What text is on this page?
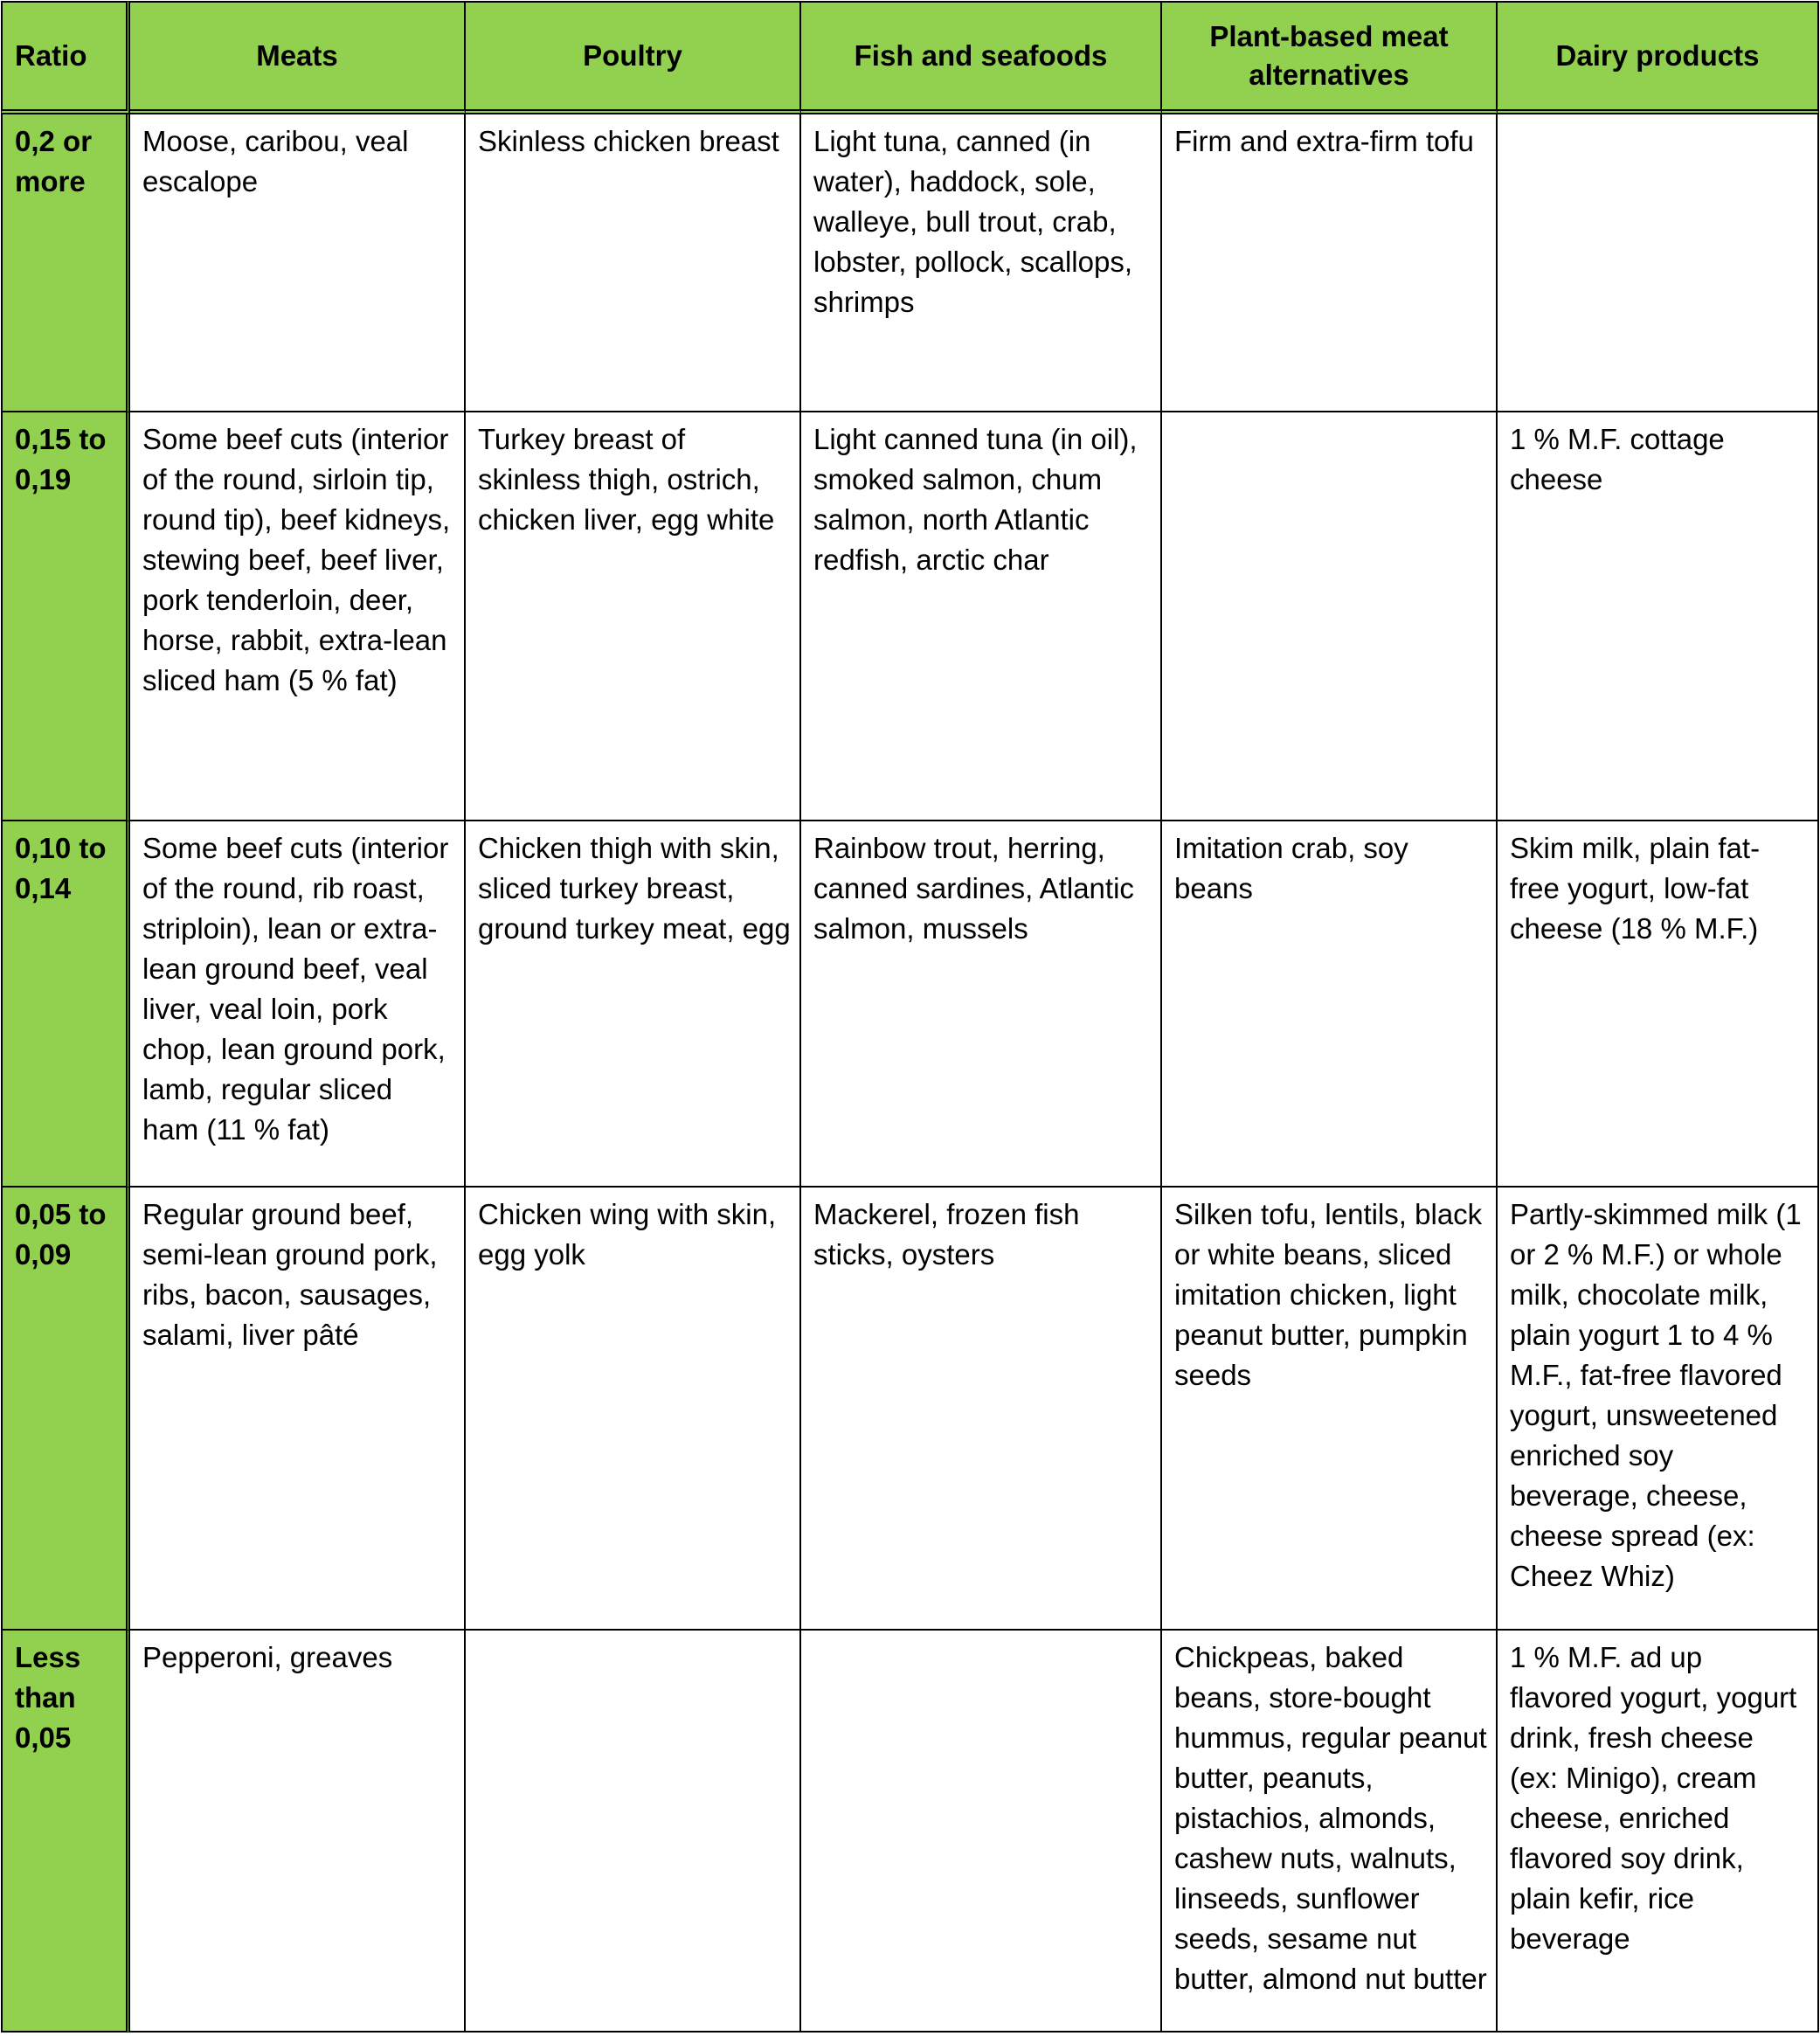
Ratio	Meats	Poultry	Fish and seafoods	Plant-based meat alternatives	Dairy products

0,2 or more	Moose, caribou, veal escalope	Skinless chicken breast	Light tuna, canned (in water), haddock, sole, walleye, bull trout, crab, lobster, pollock, scallops, shrimps	Firm and extra-firm tofu	

0,15 to 0,19	Some beef cuts (interior of the round, sirloin tip, round tip), beef kidneys, stewing beef, beef liver, pork tenderloin, deer, horse, rabbit, extra-lean sliced ham (5 % fat)	Turkey breast of skinless thigh, ostrich, chicken liver, egg white	Light canned tuna (in oil), smoked salmon, chum salmon, north Atlantic redfish, arctic char		1 % M.F. cottage cheese

0,10 to 0,14	Some beef cuts (interior of the round, rib roast, striploin), lean or extra-lean ground beef, veal liver, veal loin, pork chop, lean ground pork, lamb, regular sliced ham (11 % fat)	Chicken thigh with skin, sliced turkey breast, ground turkey meat, egg	Rainbow trout, herring, canned sardines, Atlantic salmon, mussels	Imitation crab, soy beans	Skim milk, plain fat-free yogurt, low-fat cheese (18 % M.F.)

0,05 to 0,09	Regular ground beef, semi-lean ground pork, ribs, bacon, sausages, salami, liver pâté	Chicken wing with skin, egg yolk	Mackerel, frozen fish sticks, oysters	Silken tofu, lentils, black or white beans, sliced imitation chicken, light peanut butter, pumpkin seeds	Partly-skimmed milk (1 or 2 % M.F.) or whole milk, chocolate milk, plain yogurt 1 to 4 % M.F., fat-free flavored yogurt, unsweetened enriched soy beverage, cheese, cheese spread (ex: Cheez Whiz)

Less than 0,05	Pepperoni, greaves			Chickpeas, baked beans, store-bought hummus, regular peanut butter, peanuts, pistachios, almonds, cashew nuts, walnuts, linseeds, sunflower seeds, sesame nut butter, almond nut butter	1 % M.F. ad up flavored yogurt, yogurt drink, fresh cheese (ex: Minigo), cream cheese, enriched flavored soy drink, plain kefir, rice beverage
